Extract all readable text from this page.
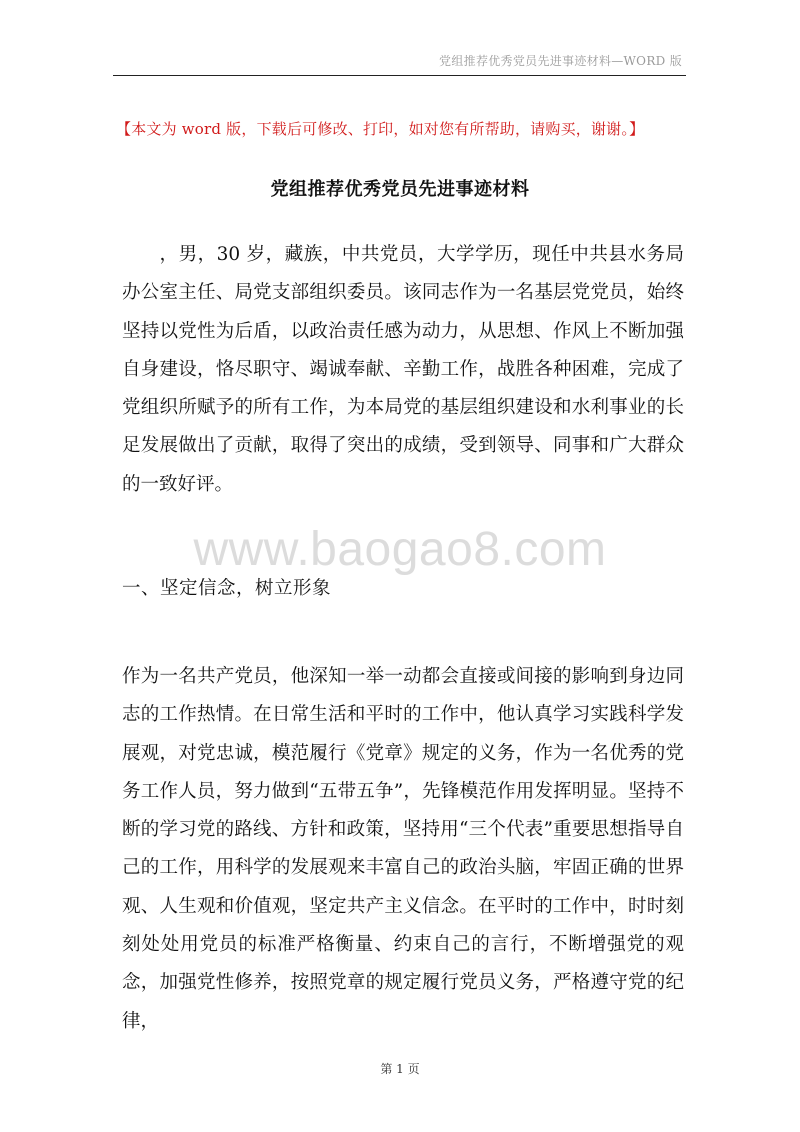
党组推荐优秀党员先进事迹材料—WORD 版
【本文为 word 版，下载后可修改、打印，如对您有所帮助，请购买，谢谢。】
党组推荐优秀党员先进事迹材料

，男，30 岁，藏族，中共党员，大学学历，现任中共县水务局办公室主任、局党支部组织委员。该同志作为一名基层党党员，始终坚持以党性为后盾，以政治责任感为动力，从思想、作风上不断加强自身建设，恪尽职守、竭诚奉献、辛勤工作，战胜各种困难，完成了党组织所赋予的所有工作，为本局党的基层组织建设和水利事业的长足发展做出了贡献，取得了突出的成绩，受到领导、同事和广大群众的一致好评。

www.baogao8.com
一、坚定信念，树立形象

作为一名共产党员，他深知一举一动都会直接或间接的影响到身边同志的工作热情。在日常生活和平时的工作中，他认真学习实践科学发展观，对党忠诚，模范履行《党章》规定的义务，作为一名优秀的党务工作人员，努力做到“五带五争”，先锋模范作用发挥明显。坚持不断的学习党的路线、方针和政策，坚持用“三个代表”重要思想指导自己的工作，用科学的发展观来丰富自己的政治头脑，牢固正确的世界观、人生观和价值观，坚定共产主义信念。在平时的工作中，时时刻刻处处用党员的标准严格衡量、约束自己的言行，不断增强党的观念，加强党性修养，按照党章的规定履行党员义务，严格遵守党的纪律，

第 1 页
